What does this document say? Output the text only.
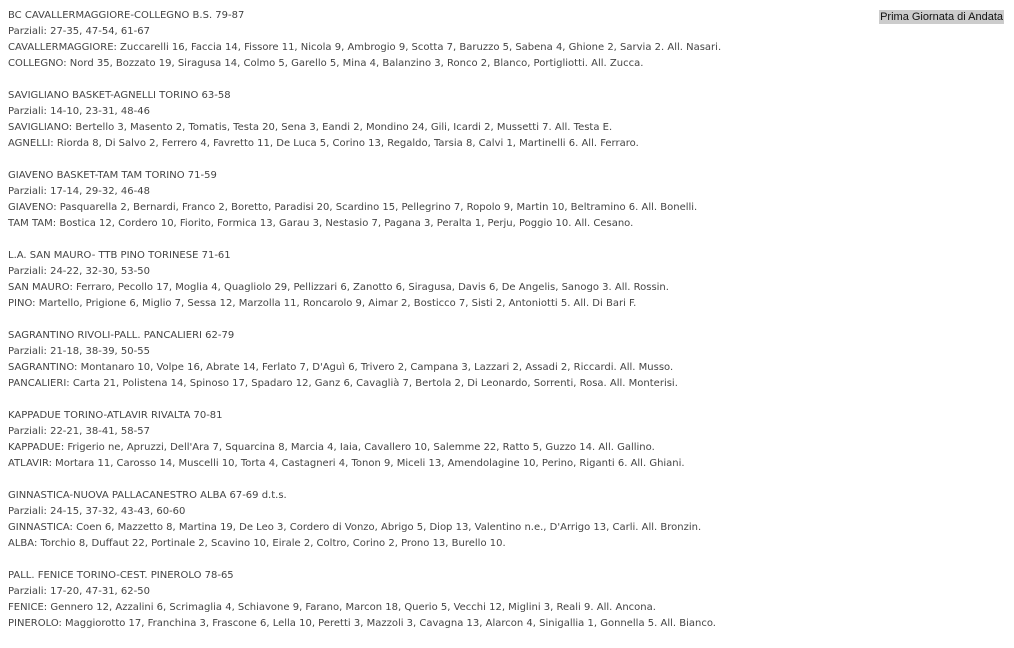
Prima Giornata di Andata
BC CAVALLERMAGGIORE-COLLEGNO B.S. 79-87
Parziali: 27-35, 47-54, 61-67
CAVALLERMAGGIORE: Zuccarelli 16, Faccia 14, Fissore 11, Nicola 9, Ambrogio 9, Scotta 7, Baruzzo 5, Sabena 4, Ghione 2, Sarvia 2. All. Nasari.
COLLEGNO: Nord 35, Bozzato 19, Siragusa 14, Colmo 5, Garello 5, Mina 4, Balanzino 3, Ronco 2, Blanco, Portigliotti. All. Zucca.
SAVIGLIANO BASKET-AGNELLI TORINO 63-58
Parziali: 14-10, 23-31, 48-46
SAVIGLIANO: Bertello 3, Masento 2, Tomatis, Testa 20, Sena 3, Eandi 2, Mondino 24, Gili, Icardi 2, Mussetti 7. All. Testa E.
AGNELLI: Riorda 8, Di Salvo 2, Ferrero 4, Favretto 11, De Luca 5, Corino 13, Regaldo, Tarsia 8, Calvi 1, Martinelli 6. All. Ferraro.
GIAVENO BASKET-TAM TAM TORINO 71-59
Parziali: 17-14, 29-32, 46-48
GIAVENO: Pasquarella 2, Bernardi, Franco 2, Boretto, Paradisi 20, Scardino 15, Pellegrino 7, Ropolo 9, Martin 10, Beltramino 6. All. Bonelli.
TAM TAM: Bostica 12, Cordero 10, Fiorito, Formica 13, Garau 3, Nestasio 7, Pagana 3, Peralta 1, Perju, Poggio 10. All. Cesano.
L.A. SAN MAURO- TTB PINO TORINESE 71-61
Parziali: 24-22, 32-30, 53-50
SAN MAURO: Ferraro, Pecollo 17, Moglia 4, Quagliolo 29, Pellizzari 6, Zanotto 6, Siragusa, Davis 6, De Angelis, Sanogo 3. All. Rossin.
PINO: Martello, Prigione 6, Miglio 7, Sessa 12, Marzolla 11, Roncarolo 9, Aimar 2, Bosticco 7, Sisti 2, Antoniotti 5. All. Di Bari F.
SAGRANTINO RIVOLI-PALL. PANCALIERI 62-79
Parziali: 21-18, 38-39, 50-55
SAGRANTINO: Montanaro 10, Volpe 16, Abrate 14, Ferlato 7, D'Aguì 6, Trivero 2, Campana 3, Lazzari 2, Assadi 2, Riccardi. All. Musso.
PANCALIERI: Carta 21, Polistena 14, Spinoso 17, Spadaro 12, Ganz 6, Cavaglià 7, Bertola 2, Di Leonardo, Sorrenti, Rosa. All. Monterisi.
KAPPADUE TORINO-ATLAVIR RIVALTA 70-81
Parziali: 22-21, 38-41, 58-57
KAPPADUE: Frigerio ne, Apruzzi, Dell'Ara 7, Squarcina 8, Marcia 4, Iaia, Cavallero 10, Salemme 22, Ratto 5, Guzzo 14. All. Gallino.
ATLAVIR: Mortara 11, Carosso 14, Muscelli 10, Torta 4, Castagneri 4, Tonon 9, Miceli 13, Amendolagine 10, Perino, Riganti 6. All. Ghiani.
GINNASTICA-NUOVA PALLACANESTRO ALBA 67-69 d.t.s.
Parziali: 24-15, 37-32, 43-43, 60-60
GINNASTICA: Coen 6, Mazzetto 8, Martina 19, De Leo 3, Cordero di Vonzo, Abrigo 5, Diop 13, Valentino n.e., D'Arrigo 13, Carli. All. Bronzin.
ALBA: Torchio 8, Duffaut 22, Portinale 2, Scavino 10, Eirale 2, Coltro, Corino 2, Prono 13, Burello 10.
PALL. FENICE TORINO-CEST. PINEROLO 78-65
Parziali: 17-20, 47-31, 62-50
FENICE: Gennero 12, Azzalini 6, Scrimaglia 4, Schiavone 9, Farano, Marcon 18, Querio 5, Vecchi 12, Miglini 3, Reali 9. All. Ancona.
PINEROLO: Maggiorotto 17, Franchina 3, Frascone 6, Lella 10, Peretti 3, Mazzoli 3, Cavagna 13, Alarcon 4, Sinigallia 1, Gonnella 5. All. Bianco.
